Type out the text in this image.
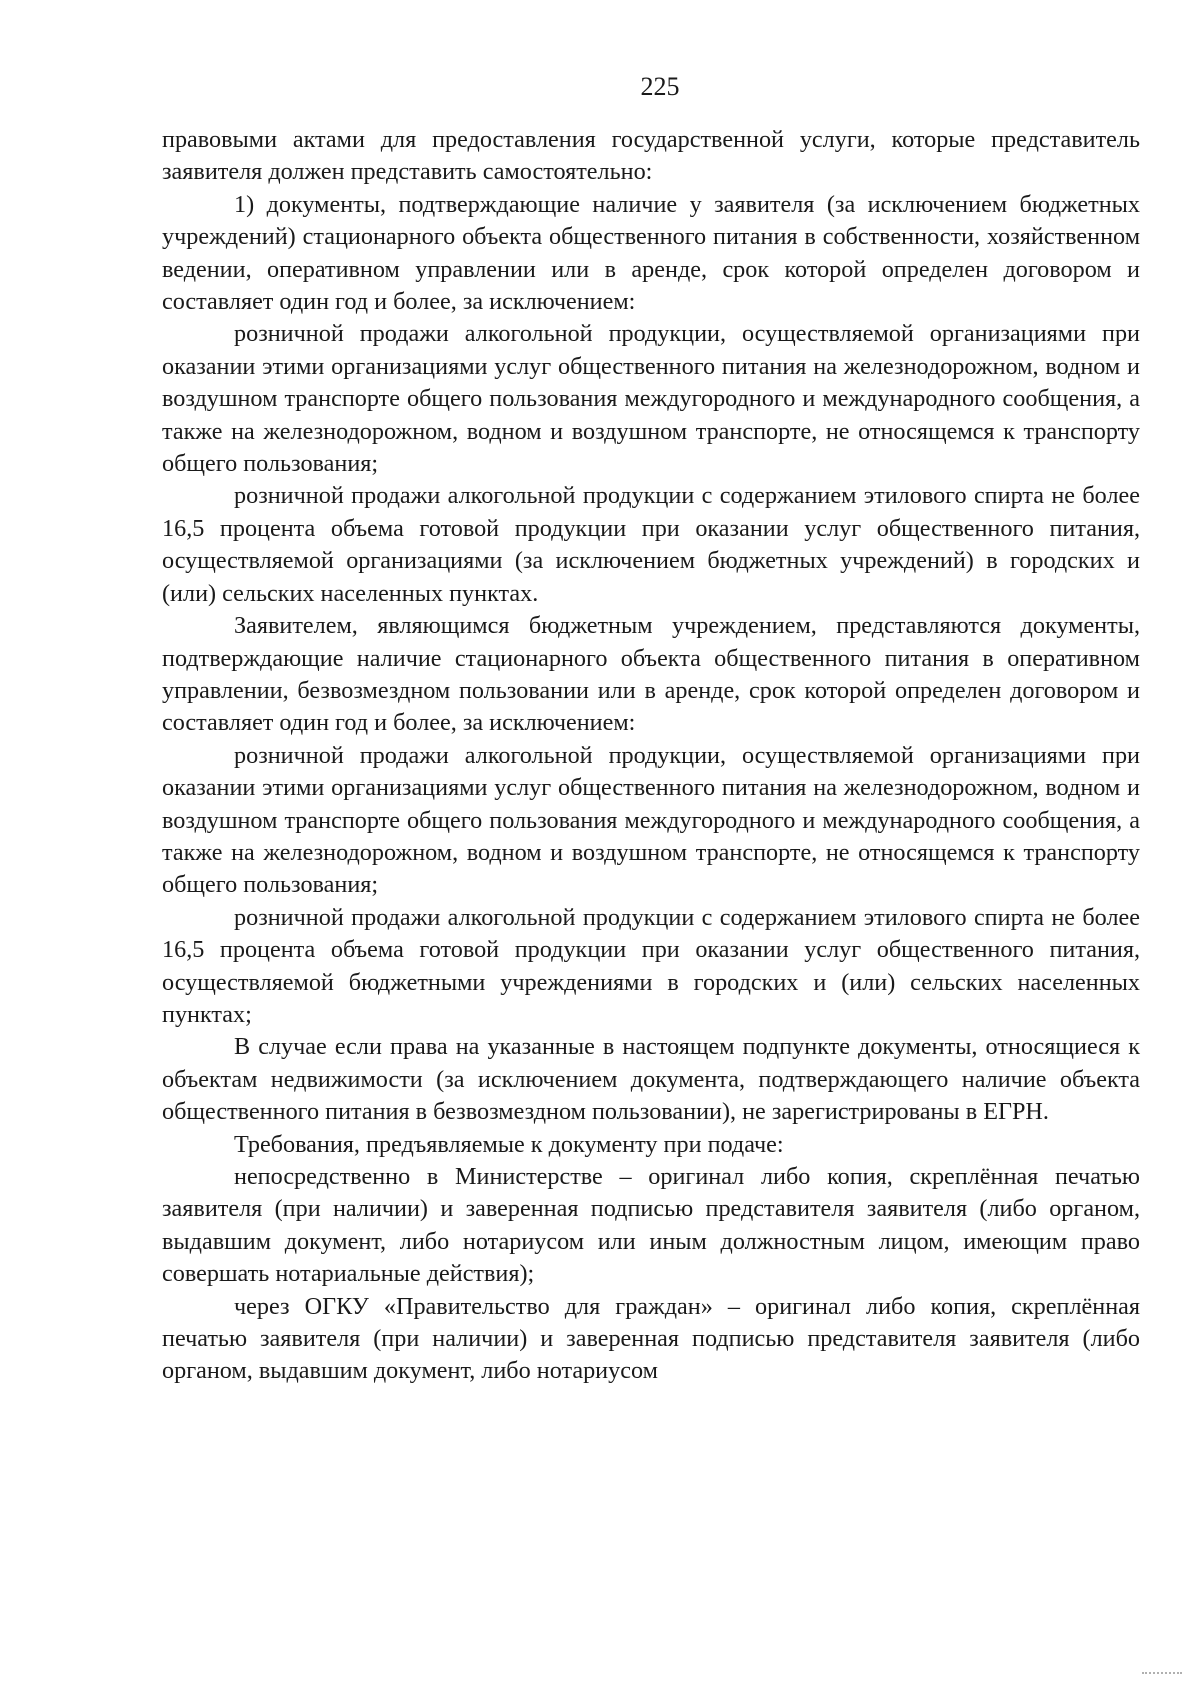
225

правовыми актами для предоставления государственной услуги, которые представитель заявителя должен представить самостоятельно:

1) документы, подтверждающие наличие у заявителя (за исключением бюджетных учреждений) стационарного объекта общественного питания в собственности, хозяйственном ведении, оперативном управлении или в аренде, срок которой определен договором и составляет один год и более, за исключением:

розничной продажи алкогольной продукции, осуществляемой организациями при оказании этими организациями услуг общественного питания на железнодорожном, водном и воздушном транспорте общего пользования междугородного и международного сообщения, а также на железнодорожном, водном и воздушном транспорте, не относящемся к транспорту общего пользования;

розничной продажи алкогольной продукции с содержанием этилового спирта не более 16,5 процента объема готовой продукции при оказании услуг общественного питания, осуществляемой организациями (за исключением бюджетных учреждений) в городских и (или) сельских населенных пунктах.

Заявителем, являющимся бюджетным учреждением, представляются документы, подтверждающие наличие стационарного объекта общественного питания в оперативном управлении, безвозмездном пользовании или в аренде, срок которой определен договором и составляет один год и более, за исключением:

розничной продажи алкогольной продукции, осуществляемой организациями при оказании этими организациями услуг общественного питания на железнодорожном, водном и воздушном транспорте общего пользования междугородного и международного сообщения, а также на железнодорожном, водном и воздушном транспорте, не относящемся к транспорту общего пользования;

розничной продажи алкогольной продукции с содержанием этилового спирта не более 16,5 процента объема готовой продукции при оказании услуг общественного питания, осуществляемой бюджетными учреждениями в городских и (или) сельских населенных пунктах;

В случае если права на указанные в настоящем подпункте документы, относящиеся к объектам недвижимости (за исключением документа, подтверждающего наличие объекта общественного питания в безвозмездном пользовании), не зарегистрированы в ЕГРН.

Требования, предъявляемые к документу при подаче:

непосредственно в Министерстве – оригинал либо копия, скреплённая печатью заявителя (при наличии) и заверенная подписью представителя заявителя (либо органом, выдавшим документ, либо нотариусом или иным должностным лицом, имеющим право совершать нотариальные действия);

через ОГКУ «Правительство для граждан» – оригинал либо копия, скреплённая печатью заявителя (при наличии) и заверенная подписью представителя заявителя (либо органом, выдавшим документ, либо нотариусом
